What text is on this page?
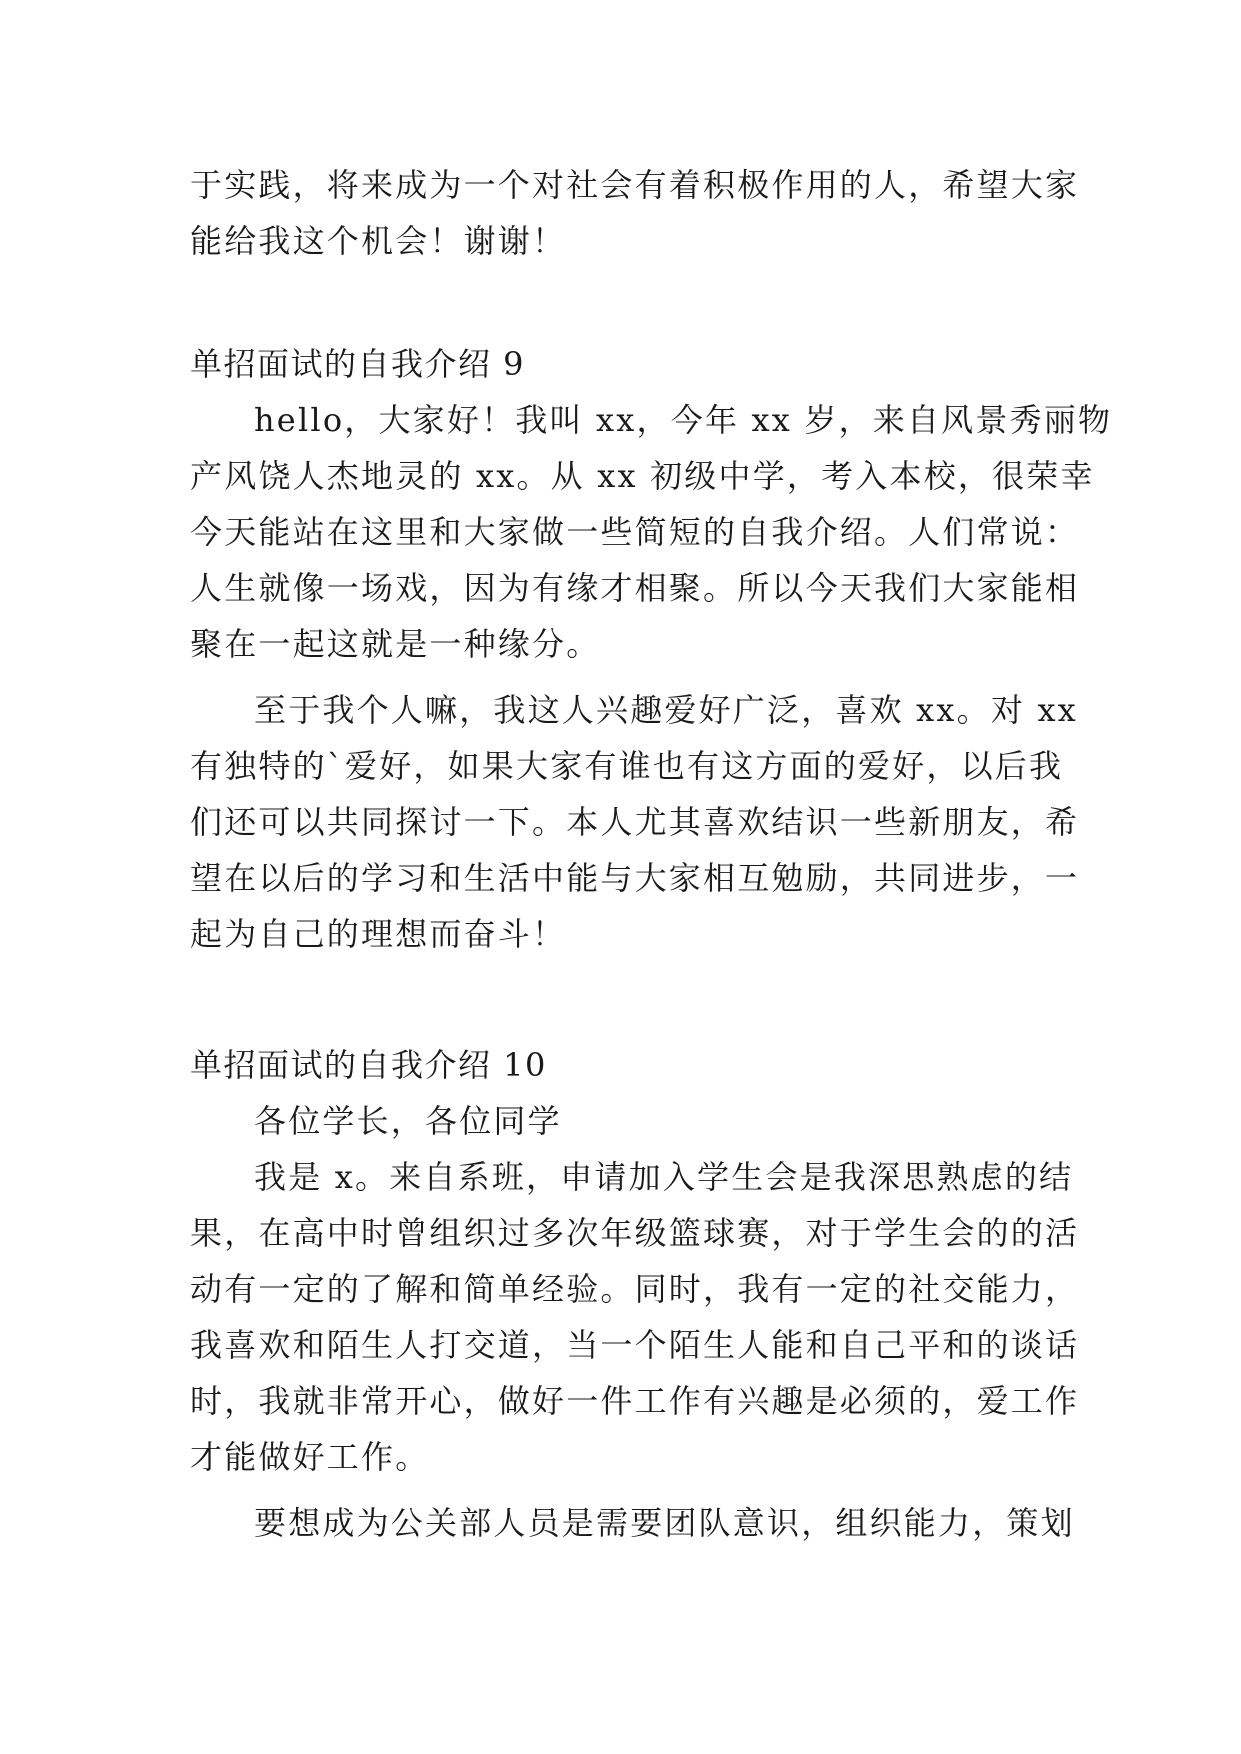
于实践，将来成为一个对社会有着积极作用的人，希望大家
能给我这个机会！谢谢！
单招面试的自我介绍 9
hello，大家好！我叫 xx，今年 xx 岁，来自风景秀丽物
产风饶人杰地灵的 xx。从 xx 初级中学，考入本校，很荣幸
今天能站在这里和大家做一些简短的自我介绍。人们常说：
人生就像一场戏，因为有缘才相聚。所以今天我们大家能相
聚在一起这就是一种缘分。
至于我个人嘛，我这人兴趣爱好广泛，喜欢 xx。对 xx
有独特的`爱好，如果大家有谁也有这方面的爱好，以后我
们还可以共同探讨一下。本人尤其喜欢结识一些新朋友，希
望在以后的学习和生活中能与大家相互勉励，共同进步，一
起为自己的理想而奋斗！
单招面试的自我介绍 10
各位学长，各位同学
我是 x。来自系班，申请加入学生会是我深思熟虑的结
果，在高中时曾组织过多次年级篮球赛，对于学生会的的活
动有一定的了解和简单经验。同时，我有一定的社交能力，
我喜欢和陌生人打交道，当一个陌生人能和自己平和的谈话
时，我就非常开心，做好一件工作有兴趣是必须的，爱工作
才能做好工作。
要想成为公关部人员是需要团队意识，组织能力，策划
